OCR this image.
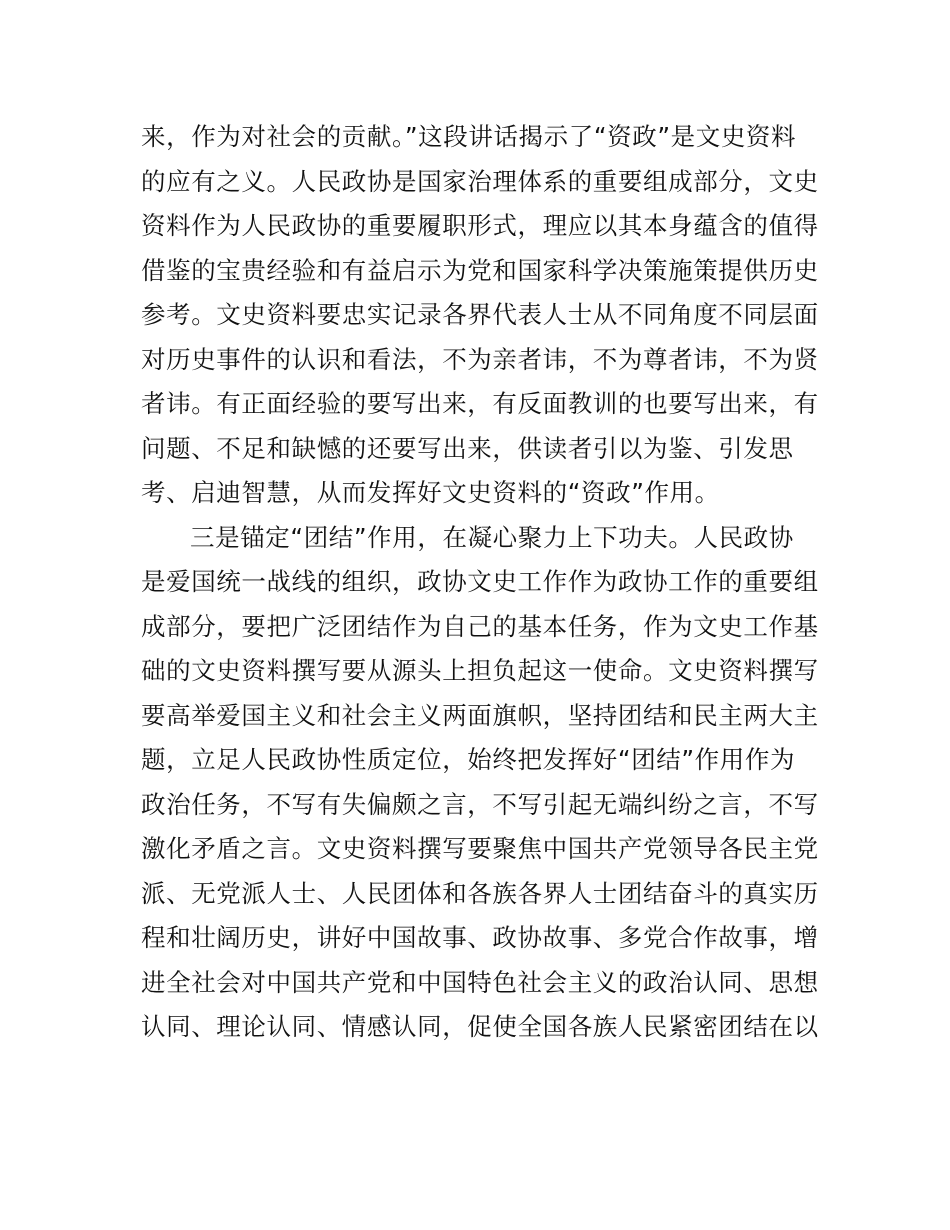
来，作为对社会的贡献。”这段讲话揭示了“资政”是文史资料
的应有之义。人民政协是国家治理体系的重要组成部分，文史
资料作为人民政协的重要履职形式，理应以其本身蕴含的值得
借鉴的宝贵经验和有益启示为党和国家科学决策施策提供历史
参考。文史资料要忠实记录各界代表人士从不同角度不同层面
对历史事件的认识和看法，不为亲者讳，不为尊者讳，不为贤
者讳。有正面经验的要写出来，有反面教训的也要写出来，有
问题、不足和缺憾的还要写出来，供读者引以为鉴、引发思
考、启迪智慧，从而发挥好文史资料的“资政”作用。
三是锚定“团结”作用，在凝心聚力上下功夫。人民政协
是爱国统一战线的组织，政协文史工作作为政协工作的重要组
成部分，要把广泛团结作为自己的基本任务，作为文史工作基
础的文史资料撰写要从源头上担负起这一使命。文史资料撰写
要高举爱国主义和社会主义两面旗帜，坚持团结和民主两大主
题，立足人民政协性质定位，始终把发挥好“团结”作用作为
政治任务，不写有失偏颇之言，不写引起无端纠纷之言，不写
激化矛盾之言。文史资料撰写要聚焦中国共产党领导各民主党
派、无党派人士、人民团体和各族各界人士团结奋斗的真实历
程和壮阔历史，讲好中国故事、政协故事、多党合作故事，增
进全社会对中国共产党和中国特色社会主义的政治认同、思想
认同、理论认同、情感认同，促使全国各族人民紧密团结在以
